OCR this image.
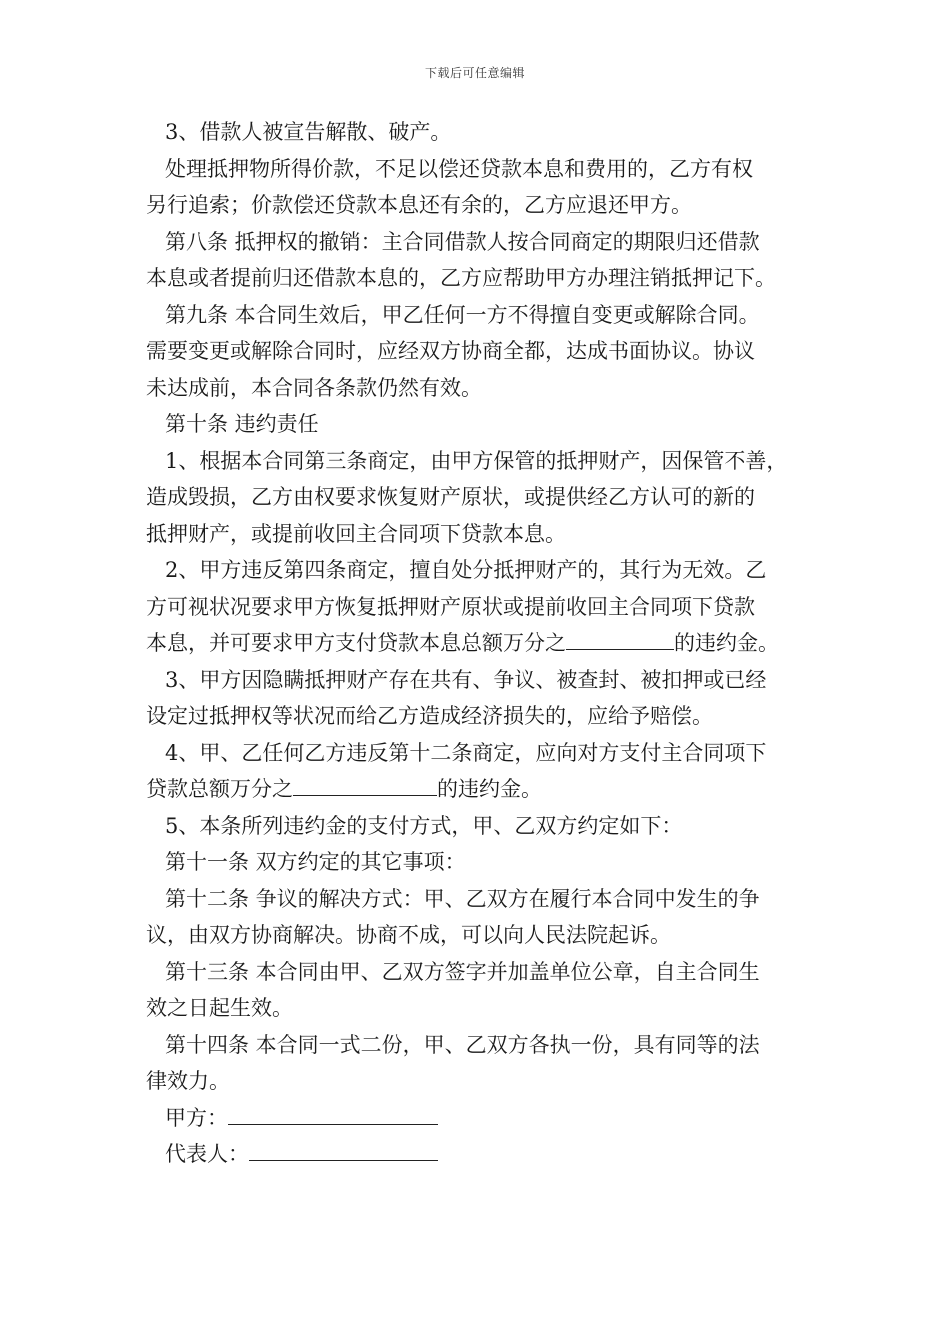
下载后可任意编辑
3、借款人被宣告解散、破产。
处理抵押物所得价款，不足以偿还贷款本息和费用的，乙方有权
另行追索；价款偿还贷款本息还有余的，乙方应退还甲方。
第八条 抵押权的撤销：主合同借款人按合同商定的期限归还借款
本息或者提前归还借款本息的，乙方应帮助甲方办理注销抵押记下。
第九条 本合同生效后，甲乙任何一方不得擅自变更或解除合同。
需要变更或解除合同时，应经双方协商全都，达成书面协议。协议
未达成前，本合同各条款仍然有效。
第十条 违约责任
1、根据本合同第三条商定，由甲方保管的抵押财产，因保管不善，
造成毁损，乙方由权要求恢复财产原状，或提供经乙方认可的新的
抵押财产，或提前收回主合同项下贷款本息。
2、甲方违反第四条商定，擅自处分抵押财产的，其行为无效。乙
方可视状况要求甲方恢复抵押财产原状或提前收回主合同项下贷款
本息，并可要求甲方支付贷款本息总额万分之	的违约金。
3、甲方因隐瞒抵押财产存在共有、争议、被查封、被扣押或已经
设定过抵押权等状况而给乙方造成经济损失的，应给予赔偿。
4、甲、乙任何乙方违反第十二条商定，应向对方支付主合同项下
贷款总额万分之	的违约金。
5、本条所列违约金的支付方式，甲、乙双方约定如下：
第十一条 双方约定的其它事项：
第十二条 争议的解决方式：甲、乙双方在履行本合同中发生的争
议，由双方协商解决。协商不成，可以向人民法院起诉。
第十三条 本合同由甲、乙双方签字并加盖单位公章，自主合同生
效之日起生效。
第十四条 本合同一式二份，甲、乙双方各执一份，具有同等的法
律效力。
甲方：
代表人：
